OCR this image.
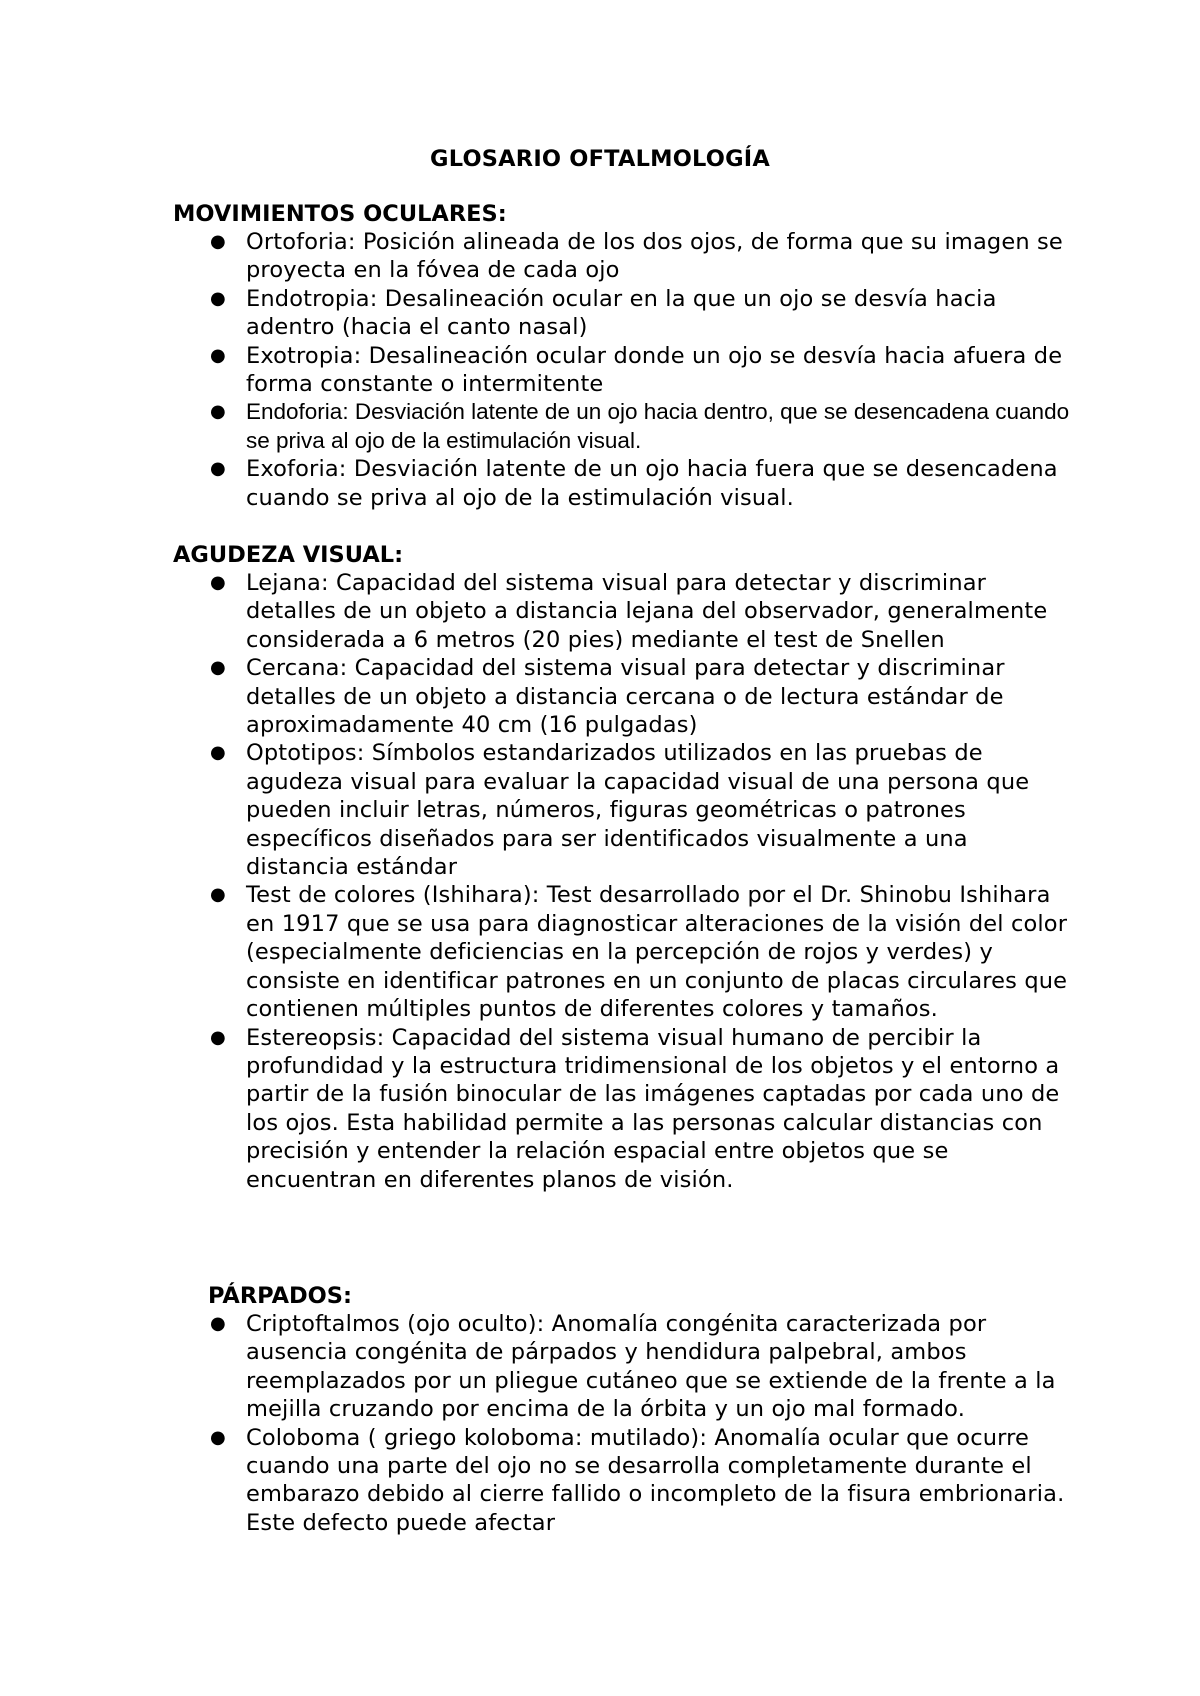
GLOSARIO OFTALMOLOGÍA
MOVIMIENTOS OCULARES:
● Ortoforia: Posición alineada de los dos ojos, de forma que su imagen se proyecta en la fóvea de cada ojo
● Endotropia: Desalineación ocular en la que un ojo se desvía hacia adentro (hacia el canto nasal)
● Exotropia: Desalineación ocular donde un ojo se desvía hacia afuera de forma constante o intermitente
● Endoforia: Desviación latente de un ojo hacia dentro, que se desencadena cuando se priva al ojo de la estimulación visual.
● Exoforia: Desviación latente de un ojo hacia fuera que se desencadena cuando se priva al ojo de la estimulación visual.
AGUDEZA VISUAL:
● Lejana: Capacidad del sistema visual para detectar y discriminar detalles de un objeto a distancia lejana del observador, generalmente considerada a 6 metros (20 pies) mediante el test de Snellen
● Cercana: Capacidad del sistema visual para detectar y discriminar detalles de un objeto a distancia cercana o de lectura estándar de aproximadamente 40 cm (16 pulgadas)
● Optotipos: Símbolos estandarizados utilizados en las pruebas de agudeza visual para evaluar la capacidad visual de una persona que pueden incluir letras, números, figuras geométricas o patrones específicos diseñados para ser identificados visualmente a una distancia estándar
● Test de colores (Ishihara): Test desarrollado por el Dr. Shinobu Ishihara en 1917 que se usa para diagnosticar alteraciones de la visión del color (especialmente deficiencias en la percepción de rojos y verdes) y consiste en identificar patrones en un conjunto de placas circulares que contienen múltiples puntos de diferentes colores y tamaños.
● Estereopsis: Capacidad del sistema visual humano de percibir la profundidad y la estructura tridimensional de los objetos y el entorno a partir de la fusión binocular de las imágenes captadas por cada uno de los ojos. Esta habilidad permite a las personas calcular distancias con precisión y entender la relación espacial entre objetos que se encuentran en diferentes planos de visión.
PÁRPADOS:
● Criptoftalmos (ojo oculto): Anomalía congénita caracterizada por ausencia congénita de párpados y hendidura palpebral, ambos reemplazados por un pliegue cutáneo que se extiende de la frente a la mejilla cruzando por encima de la órbita y un ojo mal formado.
● Coloboma ( griego koloboma: mutilado): Anomalía ocular que ocurre cuando una parte del ojo no se desarrolla completamente durante el embarazo debido al cierre fallido o incompleto de la fisura embrionaria. Este defecto puede afectar
